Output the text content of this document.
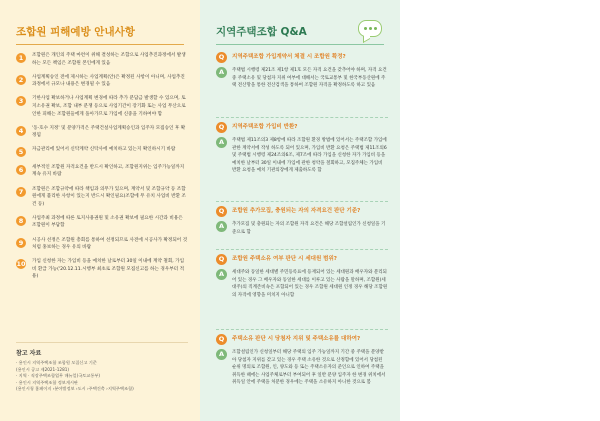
조합원 피해예방 안내사항
1	조합원은 개인의 주택 마련이 위해 결성하는 조합으로 사업추진과정에서 발생하는 모든 책임은 조합원 본인에게 있음
2	사업계획승인 전에 제시하는 사업계획(안)은 확정된 사항이 아니며, 사업추진 과정에서 규모나 내용은 변경될 수 있음
3	기한사업 확보하거나 사업계획 변경에 따라 추가 분담금 발생할 수 있으며, 토지소유권 확보, 조합 내부 분쟁 등으로 사업기간이 장기화 또는 사업 무산으로 인한 피해는 조합원들에게 돌아가므로 가입에 신중을 기하여야 함
4	'동·호수 지정' 및 분양가격은 주택건설사업계획승인과 입주자 모집승인 후 확정됨
5	자금관리에 있어서 신탁계약 신탁사에 예치하고 있는지 확인하시기 바람
6	세부적인 조합원 자격요건을 반드시 확인하고, 조합원지위는 입주가능일까지 계속 유지 바람
7	조합원은 조합규약에 따라 책임과 의무가 있으며, 계약서 및 조합규약 등 조합원에게 불리한 사항이 있는지 반드시 확인필요(조합에 무 유치 사업비 반환 조건 등)
8	사업주최 과정에 따른 토지사용권원 및 소유권 확보에 필요한 시간과 비용은 조합원이 부담함
9	시공사 선정은 조합원 총회를 통하여 선정되므로 사전에 시공사가 확정되어 것처럼 홍보하는 경우 유의 바람
10 가입 신청한 자는 가입비 등을 예치한 날로부터 30일 이내에 계약 철회, 가입비 환급 가능('20.12.11.시행부 최초로 조합원 모집신고를 하는 경우부터 적용)
참고 자료
· 용인시 지역주택조합 조합원 모집신고 기준
(용인시 공고 제2021-1281)
· 지역 · 직장주택조합업무 매뉴얼(국토교통부)
· 용인시 지역주택조합 정보게시판
(용인시청 홈페이지 ›분야별정보 ›도시 ›주택건축 ›지역주택조합)
지역주택조합 Q&A
Q	지역주택조합 가입계약서 체결 시 조합원 확정?
A	주택법 시행령 제21조 제1항 제1호 모든 자격 요건을 갖추어야 하며, 자격 요건 중 주택소유 및 당첨자 지위 여부에 대해서는 국토교통부 및 한국부동산원에 주택 전산망을 통한 전산검색을 통하여 조합원 자격을 확정하도록 하고 있음
Q	지역주택조합 가입비 반환?
A	주택법 제11조의3 제8항에 따라 조합원 환경 방법에 있어서는 주택조합 가입에 관한 계약서에 작성 하도록 되어 있으며, 가입비 반환 요청은 주택법 제11조의6 및 주택법 시행령 제24조의6조, 제7조에 따라 가입을 신청한 자가 가입비 등을 예치한 날부터 30일 이내에 가입에 관한 청약을 철회하고, 모집주체는 가입비 반환 요청을 예치 기관의장에게 제출하도록 함
Q	조합원 추가모집, 충원되는 자의 자격요건 판단 기준?
A	추가모집 및 충원되는 자의 조합원 자격 요건은 해당 조합설립인가 신청일을 기준으로 함
Q	조합원 주택소유 여부 판단 시 세대원 범위?
A	세대주와 동일한 세대별 주민등록표에 등재되어 있는 세대원과 배우자와 분리되어 있는 경우 그 배우자와 동일한 세대를 이루고 있는 사람을 말하며, 조합원(세대주)의 직계존비속은 포함되어 있는 경우 조합원 세대원 인정 경우 해당 조합원의 자격에 영향을 미치지 아니함
Q	주택소유 판단 시 당첨자 지위 및 주택소유를 대하여?
A	조합설립인가 신청일부터 해당 주택의 입주 가능일까지 기간 중 주택을 분양받아 당첨자 지위를 갖고 있는 경우 주택 소유한 것으로 산정함에 있어서 당첨된 순위 명의로 조합원, 인, 양도와 등 또는 주택소유자의 준인으로 인하여 주택을 취득한 때에는 사업주체로부터 부여되어 후 일반 분양 입주자 한 변경 위치에서 취득일 안에 주택을 처분한 경우에는 주택을 소유하지 아니한 것으로 봄
